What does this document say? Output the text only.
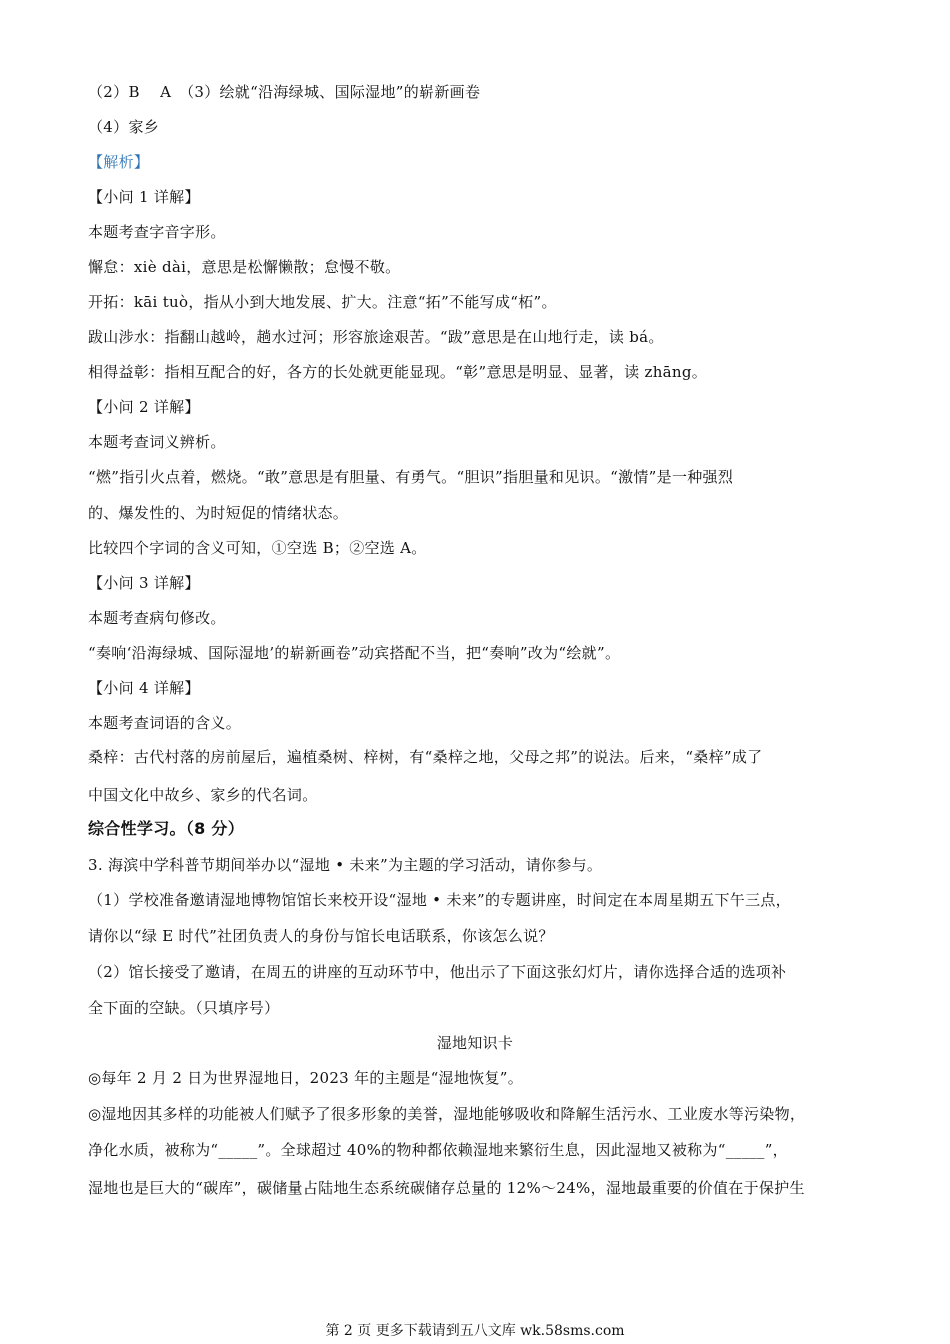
（2）B　 A　（3）绘就“沿海绿城、国际湿地”的崭新画卷
（4）家乡
【解析】
【小问 1 详解】
本题考查字音字形。
懈怠：xiè dài，意思是松懈懒散；怠慢不敬。
开拓：kāi tuò，指从小到大地发展、扩大。注意“拓”不能写成“柘”。
跋山涉水：指翻山越岭，趟水过河；形容旅途艰苦。“跋”意思是在山地行走，读 bá。
相得益彰：指相互配合的好，各方的长处就更能显现。“彰”意思是明显、显著，读 zhāng。
【小问 2 详解】
本题考查词义辨析。
“燃”指引火点着，燃烧。“敢”意思是有胆量、有勇气。“胆识”指胆量和见识。“激情”是一种强烈
的、爆发性的、为时短促的情绪状态。
比较四个字词的含义可知，①空选 B；②空选 A。
【小问 3 详解】
本题考查病句修改。
“奏响‘沿海绿城、国际湿地’的崭新画卷”动宾搭配不当，把“奏响”改为“绘就”。
【小问 4 详解】
本题考查词语的含义。
桑梓：古代村落的房前屋后，遍植桑树、梓树，有“桑梓之地，父母之邦”的说法。后来，“桑梓”成了
中国文化中故乡、家乡的代名词。
综合性学习。（8 分）
3. 海滨中学科普节期间举办以“湿地 • 未来”为主题的学习活动，请你参与。
（1）学校准备邀请湿地博物馆馆长来校开设“湿地 • 未来”的专题讲座，时间定在本周星期五下午三点，
请你以“绿 E 时代”社团负责人的身份与馆长电话联系，你该怎么说？
（2）馆长接受了邀请，在周五的讲座的互动环节中，他出示了下面这张幻灯片，请你选择合适的选项补
全下面的空缺。（只填序号）
湿地知识卡
◎每年 2 月 2 日为世界湿地日，2023 年的主题是“湿地恢复”。
◎湿地因其多样的功能被人们赋予了很多形象的美誉，湿地能够吸收和降解生活污水、工业废水等污染物，
净化水质，被称为“_____”。全球超过 40%的物种都依赖湿地来繁衍生息，因此湿地又被称为“_____”，
湿地也是巨大的“碳库”，碳储量占陆地生态系统碳储存总量的 12%～24%，湿地最重要的价值在于保护生
第 2 页 更多下载请到五八文库 wk.58sms.com
